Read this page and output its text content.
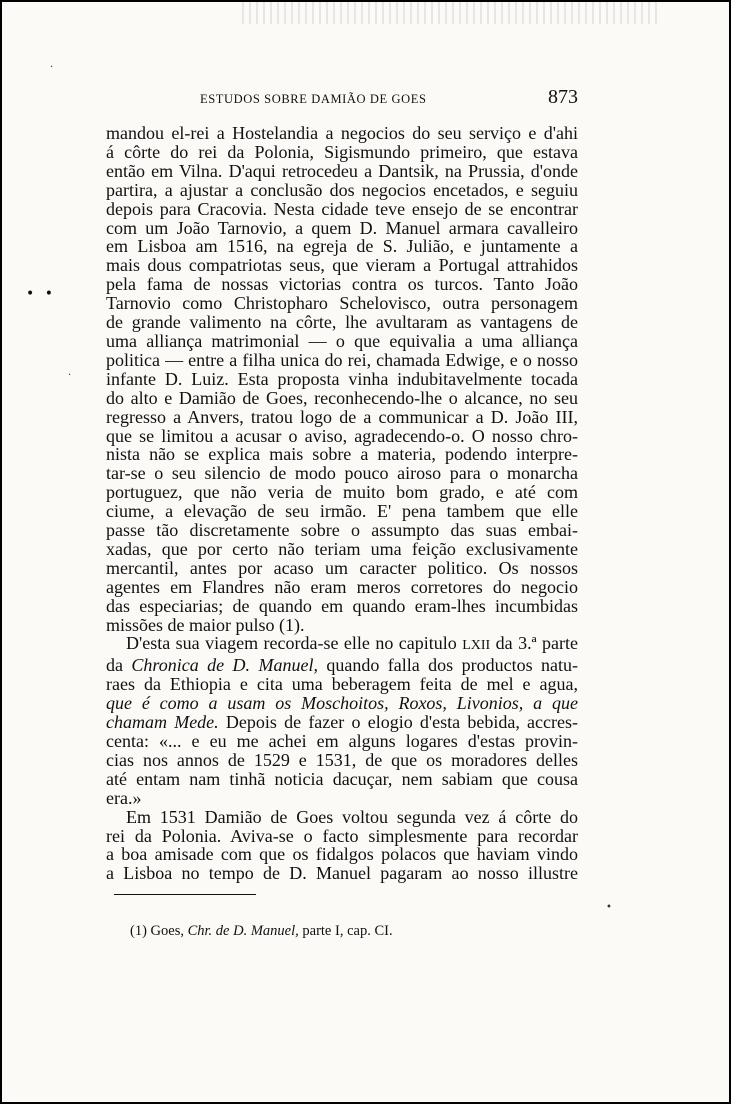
ESTUDOS SOBRE DAMIÃO DE GOES	873
• •
·
·
•
mandou el-rei a Hostelandia a negocios do seu serviço e d'ahi
á côrte do rei da Polonia, Sigismundo primeiro, que estava
então em Vilna. D'aqui retrocedeu a Dantsik, na Prussia, d'onde
partira, a ajustar a conclusão dos negocios encetados, e seguiu
depois para Cracovia. Nesta cidade teve ensejo de se encontrar
com um João Tarnovio, a quem D. Manuel armara cavalleiro
em Lisboa am 1516, na egreja de S. Julião, e juntamente a
mais dous compatriotas seus, que vieram a Portugal attrahidos
pela fama de nossas victorias contra os turcos. Tanto João
Tarnovio como Christopharo Schelovisco, outra personagem
de grande valimento na côrte, lhe avultaram as vantagens de
uma alliança matrimonial — o que equivalia a uma alliança
politica — entre a filha unica do rei, chamada Edwige, e o nosso
infante D. Luiz. Esta proposta vinha indubitavelmente tocada
do alto e Damião de Goes, reconhecendo-lhe o alcance, no seu
regresso a Anvers, tratou logo de a communicar a D. João III,
que se limitou a acusar o aviso, agradecendo-o. O nosso chro-
nista não se explica mais sobre a materia, podendo interpre-
tar-se o seu silencio de modo pouco airoso para o monarcha
portuguez, que não veria de muito bom grado, e até com
ciume, a elevação de seu irmão. E' pena tambem que elle
passe tão discretamente sobre o assumpto das suas embai-
xadas, que por certo não teriam uma feição exclusivamente
mercantil, antes por acaso um caracter politico. Os nossos
agentes em Flandres não eram meros corretores do negocio
das especiarias; de quando em quando eram-lhes incumbidas
missões de maior pulso (1).
D'esta sua viagem recorda-se elle no capitulo LXII da 3.ª parte
da Chronica de D. Manuel, quando falla dos productos natu-
raes da Ethiopia e cita uma beberagem feita de mel e agua,
que é como a usam os Moschoitos, Roxos, Livonios, a que
chamam Mede. Depois de fazer o elogio d'esta bebida, accres-
centa: «... e eu me achei em alguns logares d'estas provin-
cias nos annos de 1529 e 1531, de que os moradores delles
até entam nam tinhã noticia dacuçar, nem sabiam que cousa
era.»
Em 1531 Damião de Goes voltou segunda vez á côrte do
rei da Polonia. Aviva-se o facto simplesmente para recordar
a boa amisade com que os fidalgos polacos que haviam vindo
a Lisboa no tempo de D. Manuel pagaram ao nosso illustre
(1) Goes, Chr. de D. Manuel, parte I, cap. CI.
